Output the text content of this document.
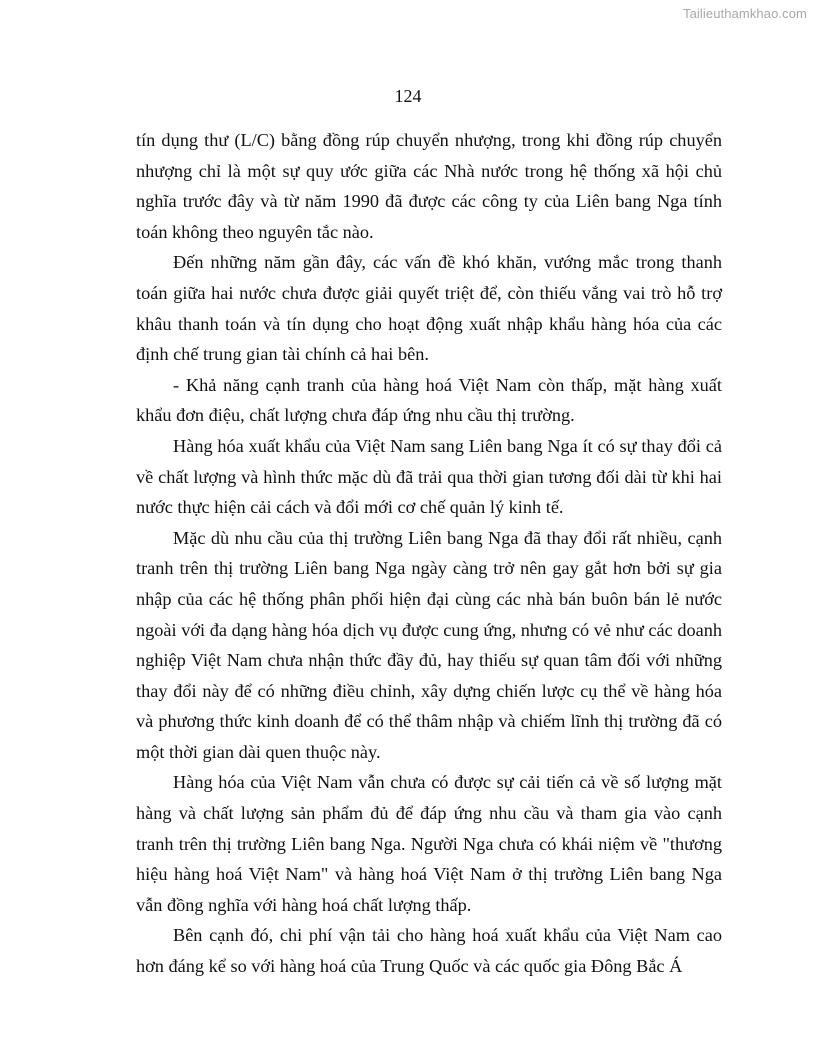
Tailieuthamkhao.com
124

tín dụng thư (L/C) bằng đồng rúp chuyển nhượng, trong khi đồng rúp chuyển nhượng chỉ là một sự quy ước giữa các Nhà nước trong hệ thống xã hội chủ nghĩa trước đây và từ năm 1990 đã được các công ty của Liên bang Nga tính toán không theo nguyên tắc nào.

Đến những năm gần đây, các vấn đề khó khăn, vướng mắc trong thanh toán giữa hai nước chưa được giải quyết triệt để, còn thiếu vắng vai trò hỗ trợ khâu thanh toán và tín dụng cho hoạt động xuất nhập khẩu hàng hóa của các định chế trung gian tài chính cả hai bên.

- Khả năng cạnh tranh của hàng hoá Việt Nam còn thấp, mặt hàng xuất khẩu đơn điệu, chất lượng chưa đáp ứng nhu cầu thị trường.

Hàng hóa xuất khẩu của Việt Nam sang Liên bang Nga ít có sự thay đổi cả về chất lượng và hình thức mặc dù đã trải qua thời gian tương đối dài từ khi hai nước thực hiện cải cách và đổi mới cơ chế quản lý kinh tế.

Mặc dù nhu cầu của thị trường Liên bang Nga đã thay đổi rất nhiều, cạnh tranh trên thị trường Liên bang Nga ngày càng trở nên gay gắt hơn bởi sự gia nhập của các hệ thống phân phối hiện đại cùng các nhà bán buôn bán lẻ nước ngoài với đa dạng hàng hóa dịch vụ được cung ứng, nhưng có vẻ như các doanh nghiệp Việt Nam chưa nhận thức đầy đủ, hay thiếu sự quan tâm đối với những thay đổi này để có những điều chỉnh, xây dựng chiến lược cụ thể về hàng hóa và phương thức kinh doanh để có thể thâm nhập và chiếm lĩnh thị trường đã có một thời gian dài quen thuộc này.

Hàng hóa của Việt Nam vẫn chưa có được sự cải tiến cả về số lượng mặt hàng và chất lượng sản phẩm đủ để đáp ứng nhu cầu và tham gia vào cạnh tranh trên thị trường Liên bang Nga. Người Nga chưa có khái niệm về "thương hiệu hàng hoá Việt Nam" và hàng hoá Việt Nam ở thị trường Liên bang Nga vẫn đồng nghĩa với hàng hoá chất lượng thấp.

Bên cạnh đó, chi phí vận tải cho hàng hoá xuất khẩu của Việt Nam cao hơn đáng kể so với hàng hoá của Trung Quốc và các quốc gia Đông Bắc Á
